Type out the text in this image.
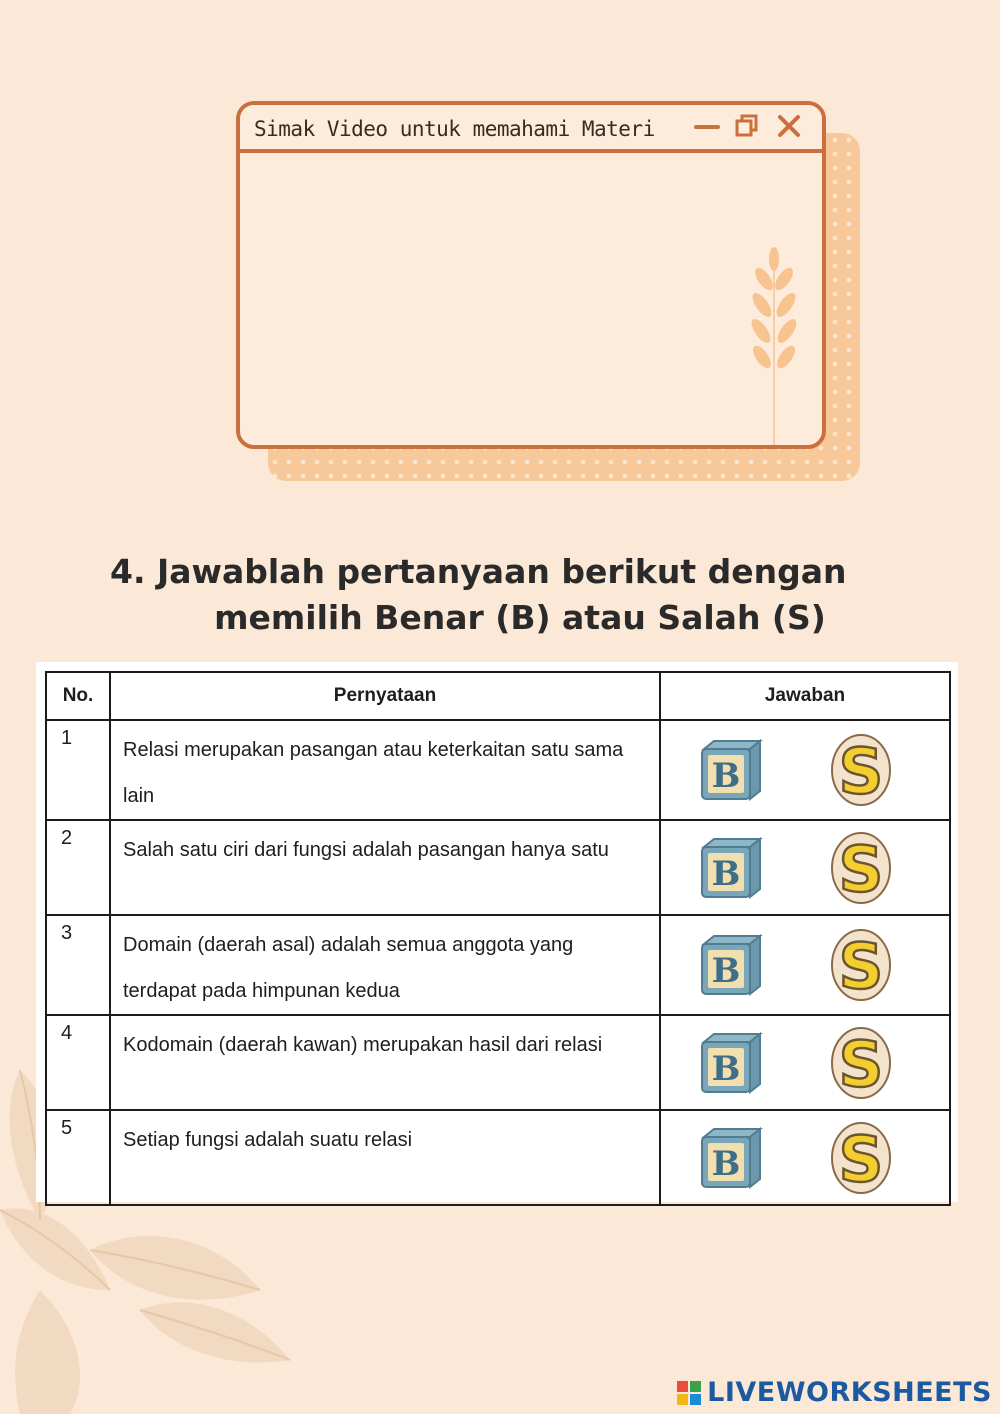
Simak Video untuk memahami Materi
4. Jawablah pertanyaan berikut dengan
memilih Benar (B) atau Salah (S)
No.	Pernyataan	Jawaban
1	Relasi merupakan pasangan atau keterkaitan satu sama lain	B S

2	Salah satu ciri dari fungsi adalah pasangan hanya satu	B S

3	Domain (daerah asal) adalah semua anggota yang terdapat pada himpunan kedua	B S

4	Kodomain (daerah kawan) merupakan hasil dari relasi	B S

5	Setiap fungsi adalah suatu relasi	B S
LIVEWORKSHEETS
